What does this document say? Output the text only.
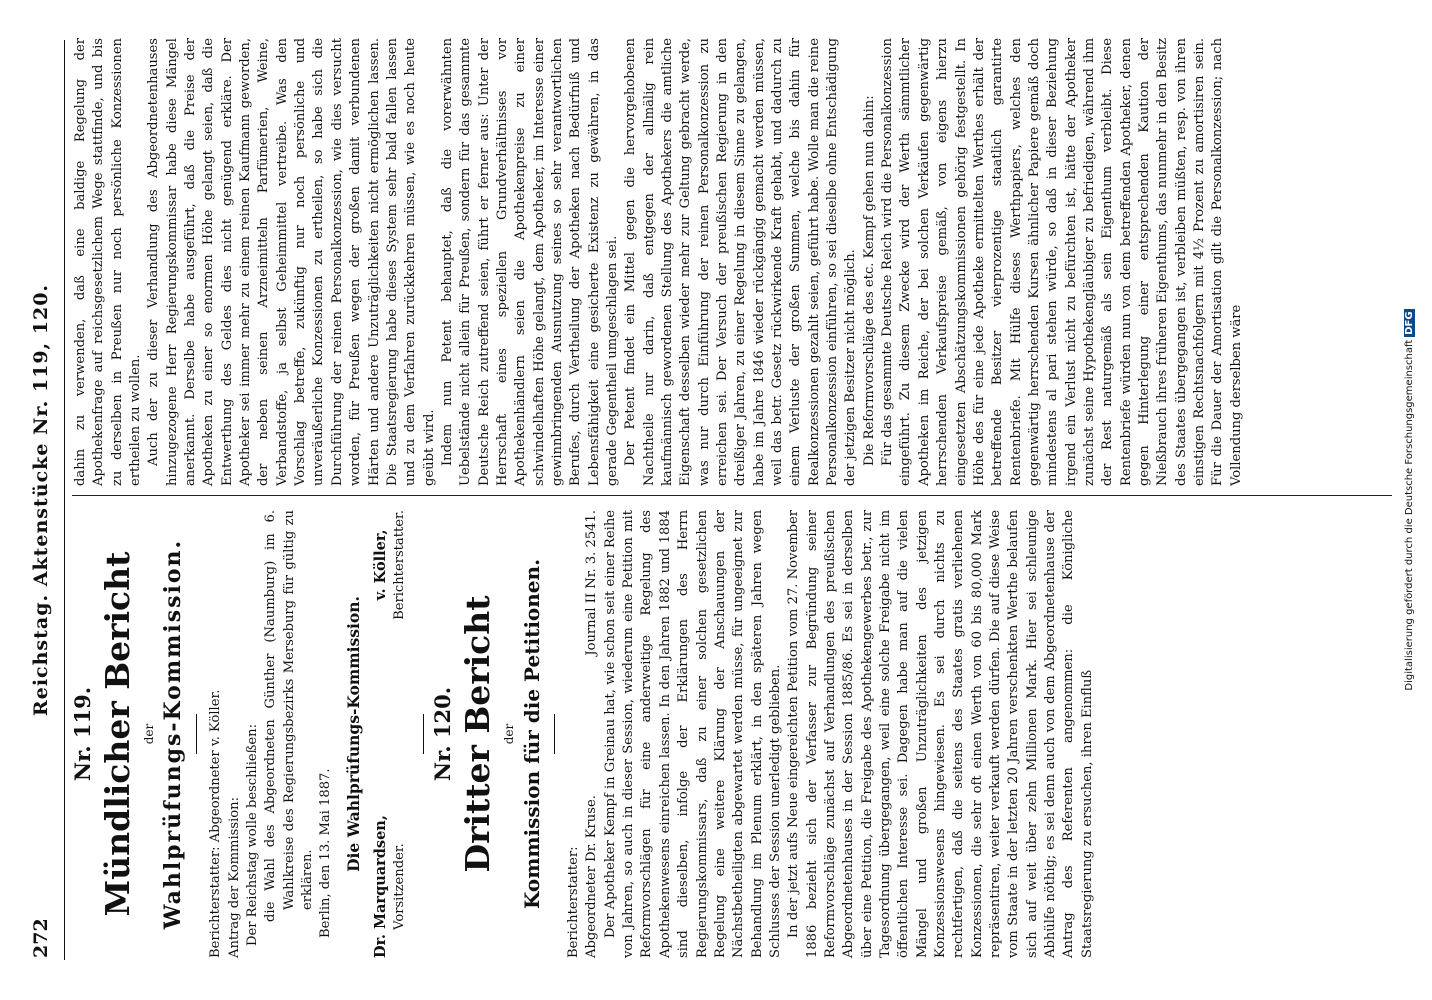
272
Reichstag. Aktenstücke Nr. 119, 120.
Nr. 119. Mündlicher Bericht der Wahlprüfungs-Kommission. Berichterstatter: Abgeordneter v. Köller. Antrag der Kommission: Der Reichstag wolle beschließen: die Wahl des Abgeordneten Günther (Naumburg) im 6. Wahlkreise des Regierungsbezirks Merseburg für gültig zu erklären. Berlin, den 13. Mai 1887. Die Wahlprüfungs-Kommission.
Dr. Marquardsen, Vorsitzender.
v. Köller, Berichterstatter.
Nr. 120. Dritter Bericht der Kommission für die Petitionen. Berichterstatter: Abgeordneter Dr. Kruse.
Journal II Nr. 3. 2541. Der Apotheker Kempf in Greinau hat, wie schon seit einer Reihe von Jahren, so auch in dieser Session, wiederum eine Petition mit Reformvorschlägen für eine anderweitige Regelung des Apothekenwesens einreichen lassen. In den Jahren 1882 und 1884 sind dieselben, infolge der Erklärungen des Herrn Regierungskommissars, daß zu einer solchen gesetzlichen Regelung eine weitere Klärung der Anschauungen der Nächstbetheiligten abgewartet werden müsse, für ungeeignet zur Behandlung im Plenum erklärt, in den späteren Jahren wegen Schlusses der Session unerledigt geblieben. In der jetzt aufs Neue eingereichten Petition vom 27. November 1886 bezieht sich der Verfasser zur Begründung seiner Reformvorschläge zunächst auf Verhandlungen des preußischen Abgeordnetenhauses in der Session 1885/86. Es sei in derselben über eine Petition, die Freigabe des Apothekengewerbes betr., zur Tagesordnung übergegangen, weil eine solche Freigabe nicht im öffentlichen Interesse sei. Dagegen habe man auf die vielen Mängel und großen Unzuträglichkeiten des jetzigen Konzessionswesens hingewiesen. Es sei durch nichts zu rechtfertigen, daß die seitens des Staates gratis verliehenen Konzessionen, die sehr oft einen Werth von 60 bis 80,000 Mark repräsentiren, weiter verkauft werden dürfen. Die auf diese Weise vom Staate in der letzten 20 Jahren verschenkten Werthe belaufen sich auf weit über zehn Millionen Mark. Hier sei schleunige Abhülfe nöthig; es sei denn auch von dem Abgeordnetenhause der Antrag des Referenten angenommen: die Königliche Staatsregierung zu ersuchen, ihren Einfluß

dahin zu verwenden, daß eine baldige Regelung der Apothekenfrage auf reichsgesetzlichem Wege stattfinde, und bis zu derselben in Preußen nur noch persönliche Konzessionen ertheilen zu wollen. Auch der zu dieser Verhandlung des Abgeordnetenhauses hinzugezogene Herr Regierungskommissar habe diese Mängel anerkannt. Derselbe habe ausgeführt, daß die Preise der Apotheken zu einer so enormen Höhe gelangt seien, daß die Entwerthung des Geldes dies nicht genügend erkläre. Der Apotheker sei immer mehr zu einem reinen Kaufmann geworden, der neben seinen Arzneimitteln Parfümerien, Weine, Verbandstoffe, ja selbst Geheimmittel vertreibe. Was den Vorschlag betreffe, zukünftig nur noch persönliche und unveräußerliche Konzessionen zu ertheilen, so habe sich die Durchführung der reinen Personalkonzession, wie dies versucht worden, für Preußen wegen der großen damit verbundenen Härten und andere Unzuträglichkeiten nicht ermöglichen lassen. Die Staatsregierung habe dieses System sehr bald fallen lassen und zu dem Verfahren zurückkehren müssen, wie es noch heute geübt wird. Indem nun Petent behauptet, daß die vorerwähnten Uebelstände nicht allein für Preußen, sondern für das gesammte Deutsche Reich zutreffend seien, führt er ferner aus: Unter der Herrschaft eines speziellen Grundverhältnisses vor Apothekenhändlern seien die Apothekenpreise zu einer schwindelhaften Höhe gelangt, dem Apotheker, im Interesse einer gewinnbringenden Ausnutzung seines so sehr verantwortlichen Berufes, durch Vertheilung der Apotheken nach Bedürfniß und Lebensfähigkeit eine gesicherte Existenz zu gewähren, in das gerade Gegentheil umgeschlagen sei. Der Petent findet ein Mittel gegen die hervorgehobenen Nachtheile nur darin, daß entgegen der allmälig rein kaufmännisch gewordenen Stellung des Apothekers die amtliche Eigenschaft desselben wieder mehr zur Geltung gebracht werde, was nur durch Einführung der reinen Personalkonzession zu erreichen sei. Der Versuch der preußischen Regierung in den dreißiger Jahren, zu einer Regelung in diesem Sinne zu gelangen, habe im Jahre 1846 wieder rückgängig gemacht werden müssen, weil das betr. Gesetz rückwirkende Kraft gehabt, und dadurch zu einem Verluste der großen Summen, welche bis dahin für Realkonzessionen gezahlt seien, geführt habe. Wolle man die reine Personalkonzession einführen, so sei dieselbe ohne Entschädigung der jetzigen Besitzer nicht möglich. Die Reformvorschläge des etc. Kempf gehen nun dahin: Für das gesammte Deutsche Reich wird die Personalkonzession eingeführt. Zu diesem Zwecke wird der Werth sämmtlicher Apotheken im Reiche, der bei solchen Verkäufen gegenwärtig herrschenden Verkaufspreise gemäß, von eigens hierzu eingesetzten Abschätzungskommissionen gehörig festgestellt. In Höhe des für eine jede Apotheke ermittelten Werthes erhält der betreffende Besitzer vierprozentige staatlich garantirte Rentenbriefe. Mit Hülfe dieses Werthpapiers, welches den gegenwärtig herrschenden Kursen ähnlicher Papiere gemäß doch mindestens al pari stehen würde, so daß in dieser Beziehung irgend ein Verlust nicht zu befürchten ist, hätte der Apotheker zunächst seine Hypothekengläubiger zu befriedigen, während ihm der Rest naturgemäß als sein Eigenthum verbleibt. Diese Rentenbriefe würden nun von dem betreffenden Apotheker, denen gegen Hinterlegung einer entsprechenden Kaution der Nießbrauch ihres früheren Eigenthums, das nunmehr in den Besitz des Staates übergegangen ist, verbleiben müßten, resp. von ihren einstigen Rechtsnachfolgern mit 4½ Prozent zu amortisiren sein. Für die Dauer der Amortisation gilt die Personalkonzession; nach Vollendung derselben wäre	Digitalisierung gefördert durch die Deutsche ForschungsgemeinschaftDFG
